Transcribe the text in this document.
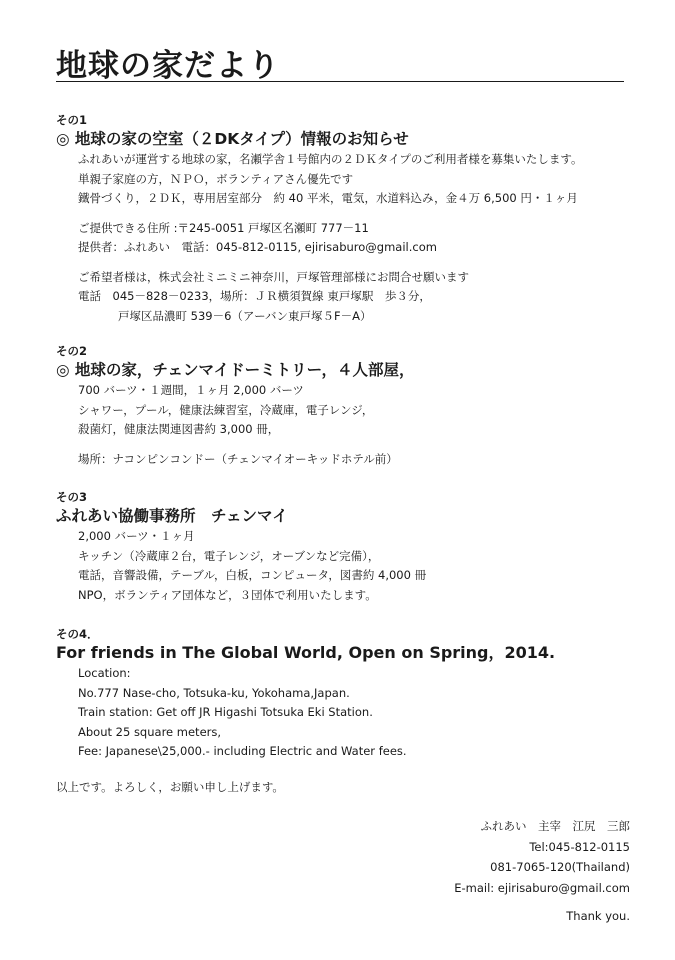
地球の家だより
その1
◎ 地球の家の空室（２DKタイプ）情報のお知らせ
ふれあいが運営する地球の家，名瀬学舎１号館内の２ＤＫタイプのご利用者様を募集いたします。
単親子家庭の方，ＮＰＯ，ボランティアさん優先です
鐵骨づくり，２ＤＫ，専用居室部分　約 40 平米，電気，水道料込み，金４万 6,500 円・１ヶ月
ご提供できる住所 :〒245-0051 戸塚区名瀬町 777－11
提供者：ふれあい　電話：045-812-0115, ejirisaburo@gmail.com
ご希望者様は，株式会社ミニミニ神奈川，戸塚管理部様にお問合せ願います
電話　045－828－0233，場所：ＪＲ横須賀線 東戸塚駅　歩３分，
戸塚区品濃町 539－6（アーバン東戸塚５F－A）
その2
◎ 地球の家，チェンマイドーミトリー，４人部屋，
700 バーツ・１週間，１ヶ月 2,000 バーツ
シャワー，プール，健康法練習室，冷蔵庫，電子レンジ，
殺菌灯，健康法関連図書約 3,000 冊，
場所：ナコンピンコンドー（チェンマイオーキッドホテル前）
その3
ふれあい協働事務所　チェンマイ
2,000 バーツ・１ヶ月
キッチン（冷蔵庫２台，電子レンジ，オーブンなど完備），
電話，音響設備，テーブル，白板，コンピュータ，図書約 4,000 冊
NPO，ボランティア団体など，３団体で利用いたします。
その4．
For friends in The Global World, Open on Spring，2014.
Location:
No.777 Nase-cho, Totsuka-ku, Yokohama,Japan.
Train station: Get off JR Higashi Totsuka Eki Station.
About 25 square meters,
Fee: Japanese\25,000.- including Electric and Water fees.
以上です。よろしく，お願い申し上げます。
ふれあい　主宰　江尻　三郎
Tel:045-812-0115
081-7065-120(Thailand)
E-mail: ejirisaburo@gmail.com
Thank you.
